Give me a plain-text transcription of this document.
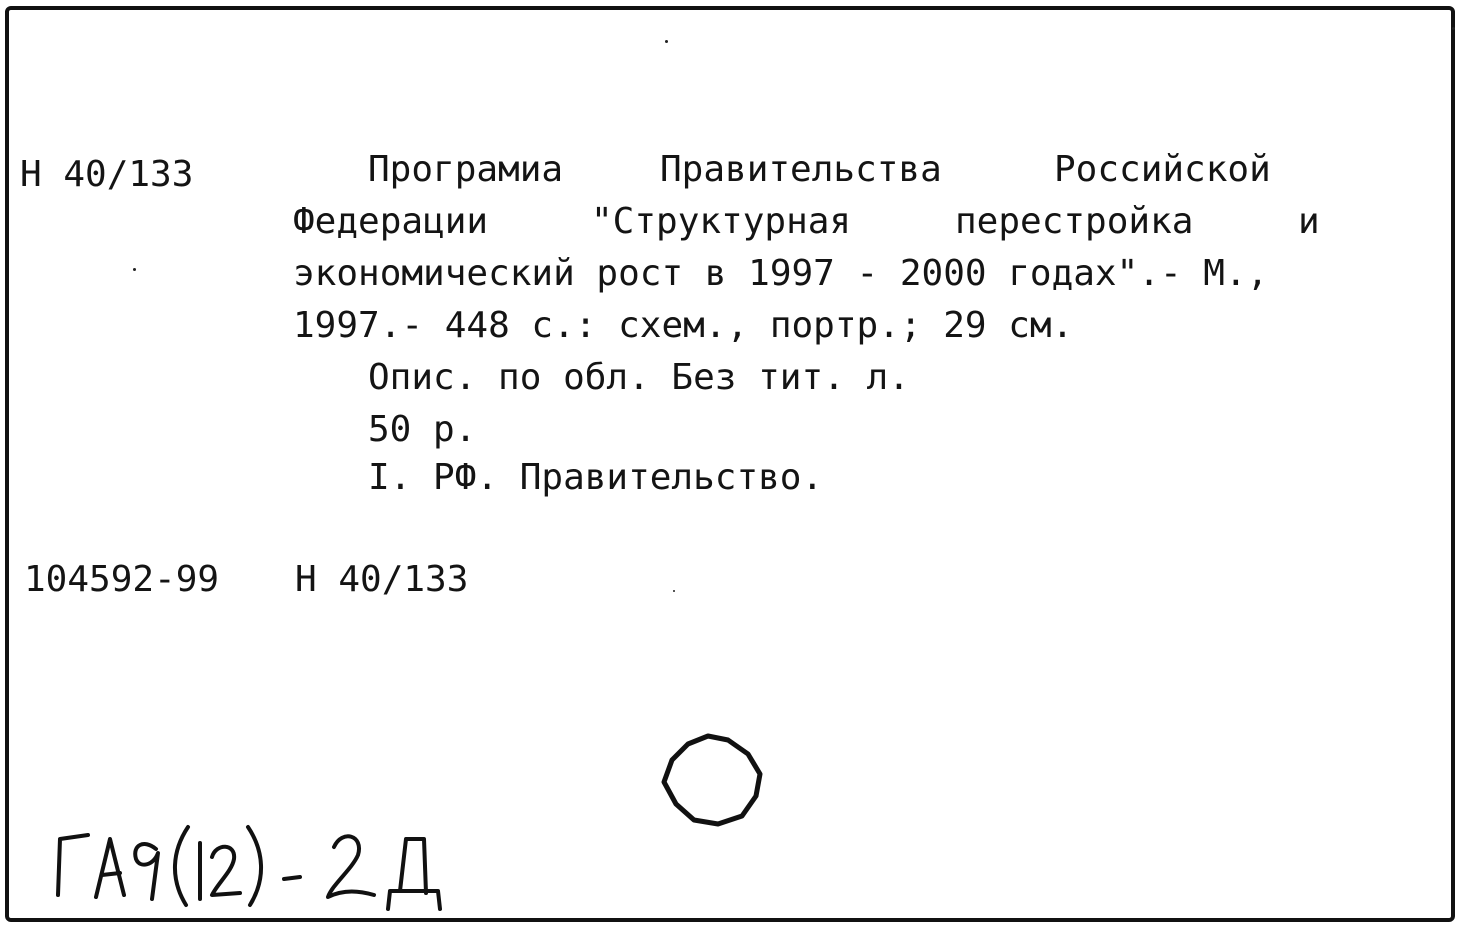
Н 40/133	Програмиа	Правительства	Российской
Федерации	"Структурная	перестройка	и
экономический рост в 1997 - 2000 годах".- М.,
1997.- 448 с.: схем., портр.; 29 см.
Опис. по обл. Без тит. л.
50 р.
I. РФ. Правительство.
104592-99 Н 40/133
